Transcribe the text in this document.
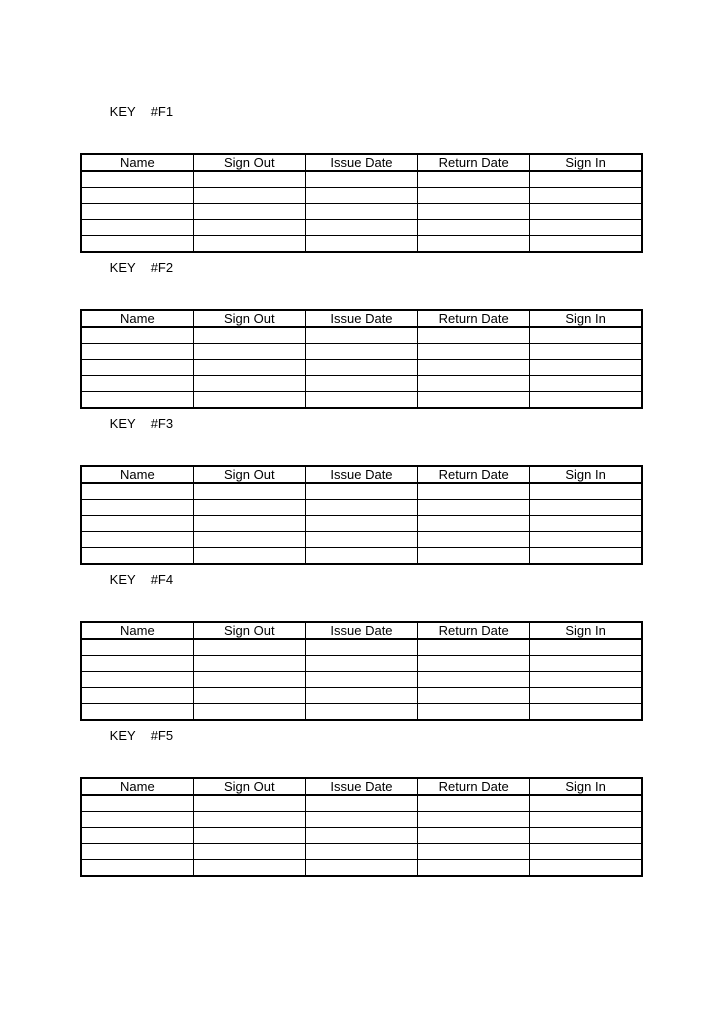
KEY #F1

Name	Sign Out	Issue Date	Return Date	Sign In

KEY #F2

Name	Sign Out	Issue Date	Return Date	Sign In

KEY #F3

Name	Sign Out	Issue Date	Return Date	Sign In

KEY #F4

Name	Sign Out	Issue Date	Return Date	Sign In

KEY #F5

Name	Sign Out	Issue Date	Return Date	Sign In
